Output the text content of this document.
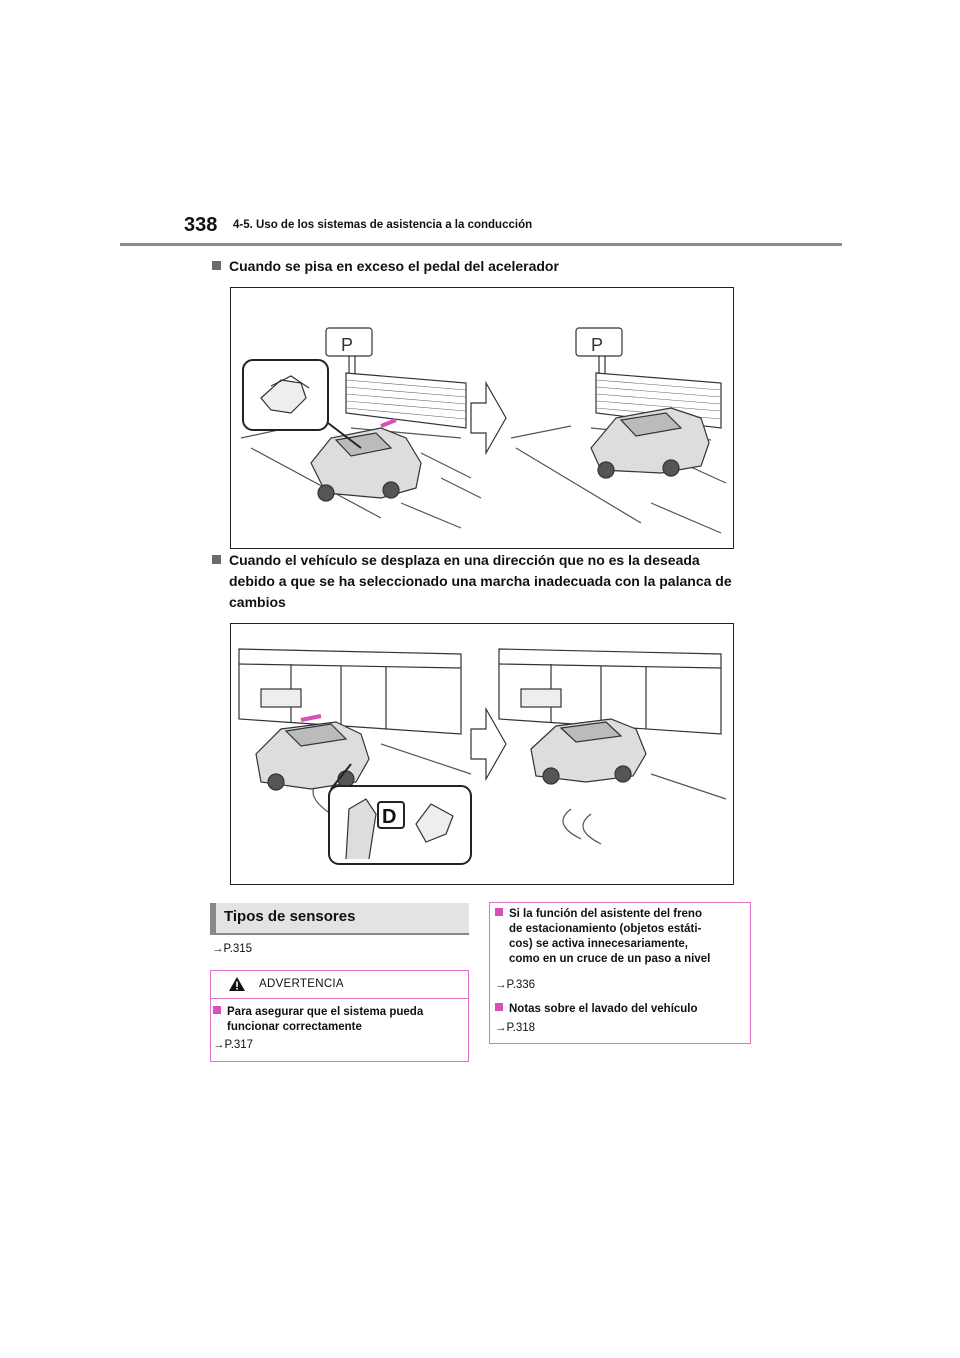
338 4-5. Uso de los sistemas de asistencia a la conducción
Cuando se pisa en exceso el pedal del acelerador
P	P
Cuando el vehículo se desplaza en una dirección que no es la deseada
debido a que se ha seleccionado una marcha inadecuada con la palanca de
cambios
D
Tipos de sensores
→P.315
ADVERTENCIA
Para asegurar que el sistema pueda
funcionar correctamente
→P.317
Si la función del asistente del freno
de estacionamiento (objetos estáti-
cos) se activa innecesariamente,
como en un cruce de un paso a nivel
→P.336
Notas sobre el lavado del vehículo
→P.318
